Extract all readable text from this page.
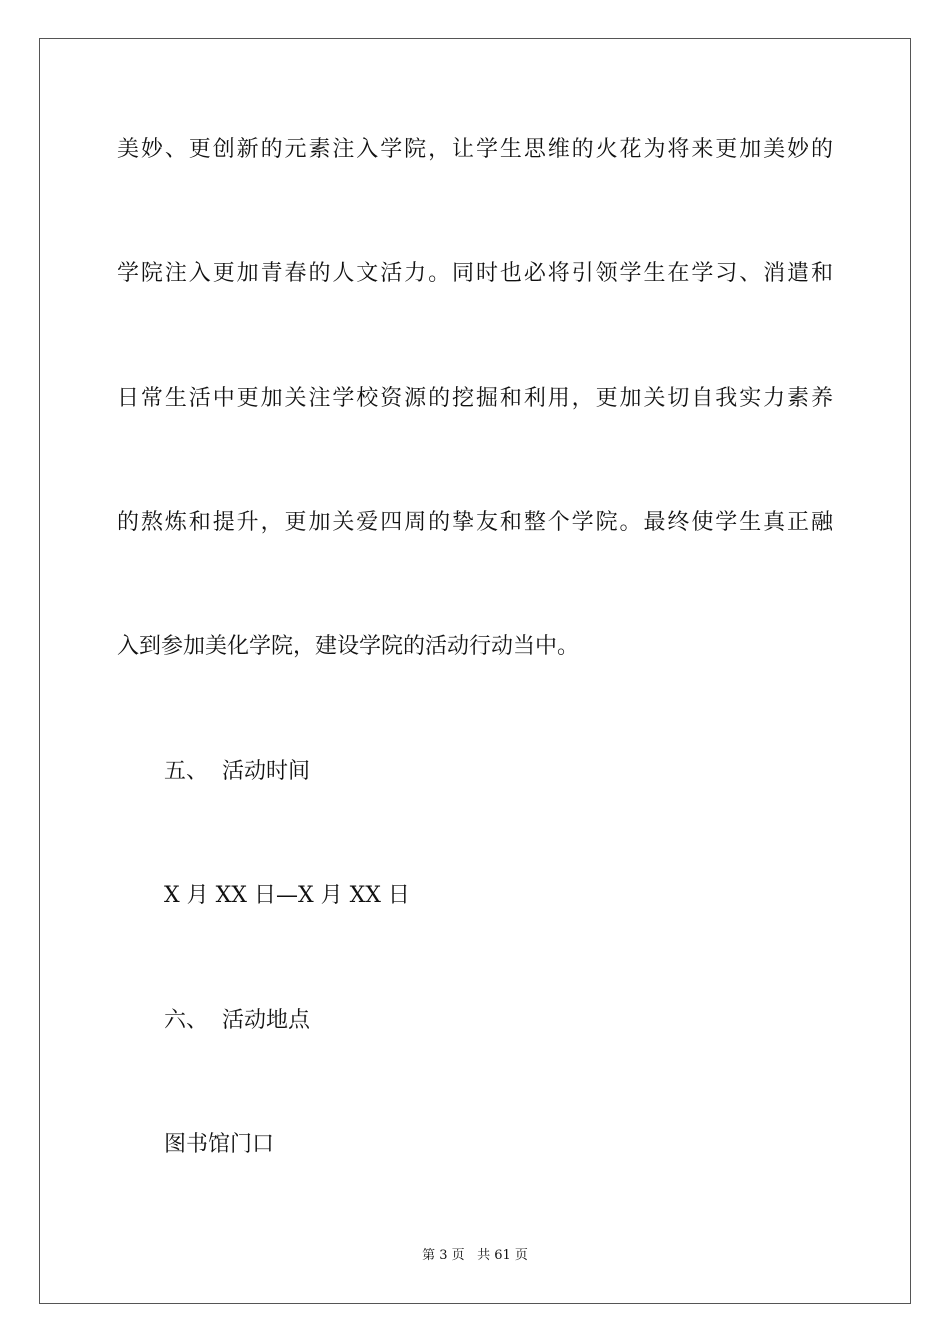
美妙、更创新的元素注入学院，让学生思维的火花为将来更加美妙的

学院注入更加青春的人文活力。同时也必将引领学生在学习、消遣和

日常生活中更加关注学校资源的挖掘和利用，更加关切自我实力素养

的熬炼和提升，更加关爱四周的挚友和整个学院。最终使学生真正融

入到参加美化学院，建设学院的活动行动当中。

五、  活动时间

X 月 XX 日—X 月 XX 日

六、  活动地点

图书馆门口

第 3 页 共 61 页
